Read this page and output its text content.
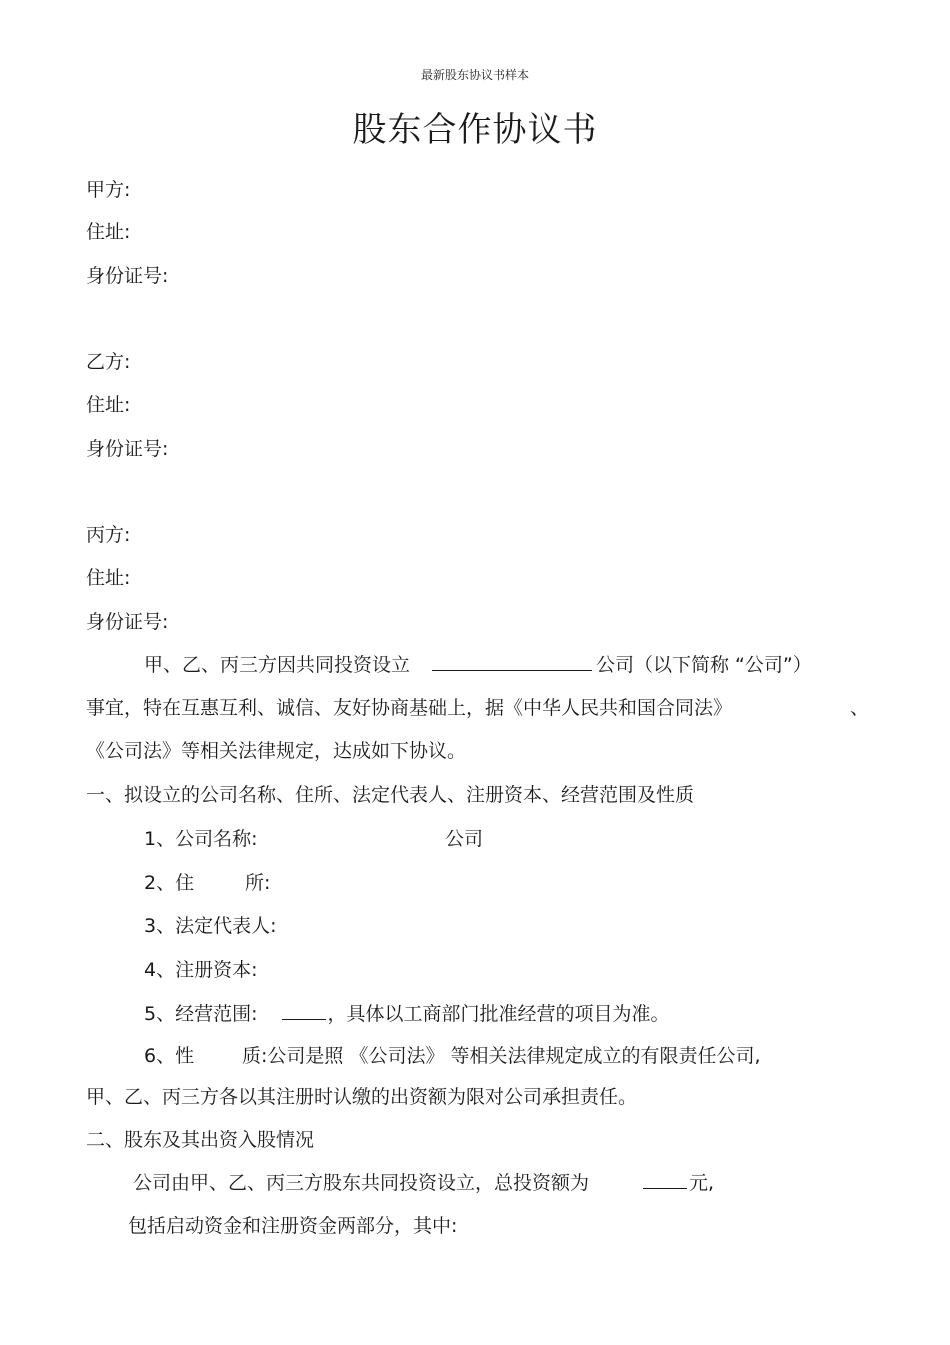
最新股东协议书样本
股东合作协议书

甲方:

住址:

身份证号:

乙方:

住址:

身份证号:

丙方:

住址:

身份证号:

甲、乙、丙三方因共同投资设立	公司（以下简称 “公司”）

事宜，特在互惠互利、诚信、友好协商基础上，据《中华人民共和国合同法》	、

《公司法》等相关法律规定，达成如下协议。

一、拟设立的公司名称、住所、法定代表人、注册资本、经营范围及性质

1、公司名称:	公司

2、住	所:

3、法定代表人:

4、注册资本:

5、经营范围:	，具体以工商部门批准经营的项目为准。

6、性	质:公司是照 《公司法》 等相关法律规定成立的有限责任公司,

甲、乙、丙三方各以其注册时认缴的出资额为限对公司承担责任。

二、股东及其出资入股情况

公司由甲、乙、丙三方股东共同投资设立，总投资额为	元,

包括启动资金和注册资金两部分，其中:
